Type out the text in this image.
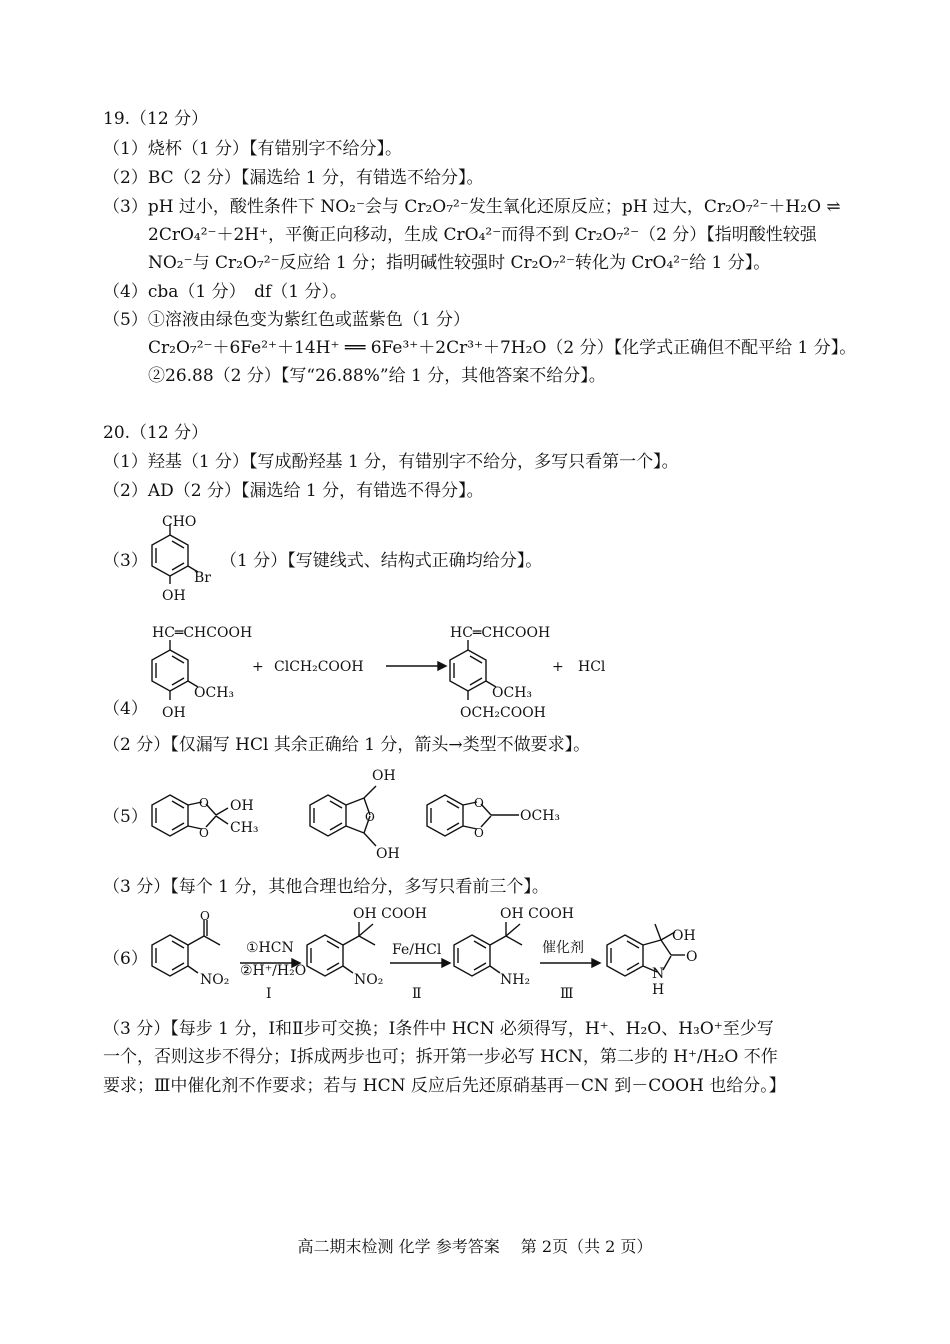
19.（12 分）
（1）烧杯（1 分）【有错别字不给分】。
（2）BC（2 分）【漏选给 1 分，有错选不给分】。
（3）pH 过小，酸性条件下 NO₂⁻会与 Cr₂O₇²⁻发生氧化还原反应；pH 过大，Cr₂O₇²⁻＋H₂O ⇌
2CrO₄²⁻＋2H⁺，平衡正向移动，生成 CrO₄²⁻而得不到 Cr₂O₇²⁻（2 分）【指明酸性较强
NO₂⁻与 Cr₂O₇²⁻反应给 1 分；指明碱性较强时 Cr₂O₇²⁻转化为 CrO₄²⁻给 1 分】。
（4）cba（1 分）　df（1 分）。
（5）①溶液由绿色变为紫红色或蓝紫色（1 分）
Cr₂O₇²⁻＋6Fe²⁺＋14H⁺ ══ 6Fe³⁺＋2Cr³⁺＋7H₂O（2 分）【化学式正确但不配平给 1 分】。
②26.88（2 分）【写“26.88%”给 1 分，其他答案不给分】。
20.（12 分）
（1）羟基（1 分）【写成酚羟基 1 分，有错别字不给分，多写只看第一个】。
（2）AD（2 分）【漏选给 1 分，有错选不得分】。
（3）
CHO
Br
OH
（1 分）【写键线式、结构式正确均给分】。
（4）
HC═CHCOOH
OCH₃
OH
+ ClCH₂COOH
HC═CHCOOH
OCH₃
OCH₂COOH
+ HCl
（2 分）【仅漏写 HCl 其余正确给 1 分，箭头→类型不做要求】。
（5）
O
O
OH
CH₃
O
OH
OH
O
O
OCH₃
（3 分）【每个 1 分，其他合理也给分，多写只看前三个】。
（6）
O
NO₂
①HCN
②H⁺/H₂O
Ⅰ
OH COOH
NO₂
Fe/HCl
Ⅱ
OH COOH
NH₂
催化剂
Ⅲ
OH
O
N
H
（3 分）【每步 1 分，Ⅰ和Ⅱ步可交换；Ⅰ条件中 HCN 必须得写，H⁺、H₂O、H₃O⁺至少写
一个，否则这步不得分；Ⅰ拆成两步也可；拆开第一步必写 HCN，第二步的 H⁺/H₂O 不作
要求；Ⅲ中催化剂不作要求；若与 HCN 反应后先还原硝基再－CN 到－COOH 也给分。】
高二期末检测 化学 参考答案　 第 2页（共 2 页）
